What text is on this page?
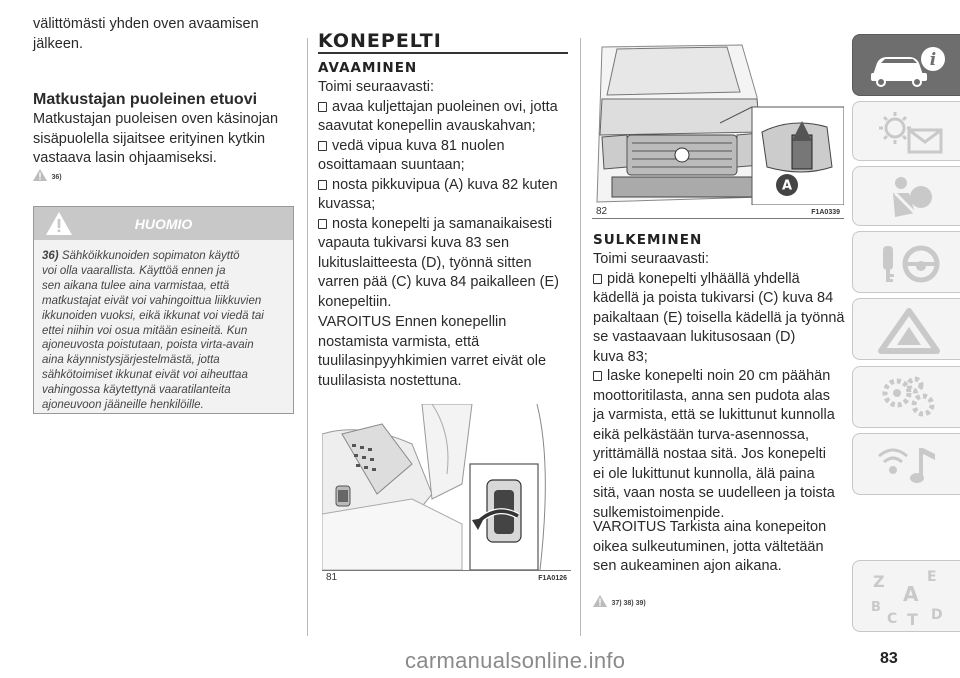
välittömästi yhden oven avaamisen

jälkeen.

Matkustajan puoleinen etuovi

Matkustajan puoleisen oven käsinojan

sisäpuolella sijaitsee erityinen kytkin

vastaava lasin ohjaamiseksi.

36)
HUOMIO
36) Sähköikkunoiden sopimaton käyttö
voi olla vaarallista. Käyttöä ennen ja
sen aikana tulee aina varmistaa, että
matkustajat eivät voi vahingoittua liikkuvien
ikkunoiden vuoksi, eikä ikkunat voi viedä tai
ettei niihin voi osua mitään esineitä. Kun
ajoneuvosta poistutaan, poista virta-avain
aina käynnistysjärjestelmästä, jotta
sähkötoimiset ikkunat eivät voi aiheuttaa
vahingossa käytettynä vaaratilanteita
ajoneuvoon jääneille henkilöille.
KONEPELTI
AVAAMINEN

Toimi seuraavasti:

avaa kuljettajan puoleinen ovi, jotta

saavutat konepellin avauskahvan;

vedä vipua kuva 81 nuolen

osoittamaan suuntaan;

nosta pikkuvipua (A) kuva 82 kuten

kuvassa;

nosta konepelti ja samanaikaisesti

vapauta tukivarsi kuva 83 sen

lukituslaitteesta (D), työnnä sitten

varren pää (C) kuva 84 paikalleen (E)

konepeltiin.

VAROITUS Ennen konepellin

nostamista varmista, että

tuulilasinpyyhkimien varret eivät ole

tuulilasista nostettuna.

81	F1A0126
A
82	F1A0339
SULKEMINEN

Toimi seuraavasti:

pidä konepelti ylhäällä yhdellä

kädellä ja poista tukivarsi (C) kuva 84

paikaltaan (E) toisella kädellä ja työnnä

se vastaavaan lukitusosaan (D)

kuva 83;

laske konepelti noin 20 cm päähän

moottoritilasta, anna sen pudota alas

ja varmista, että se lukittunut kunnolla

eikä pelkästään turva-asennossa,

yrittämällä nostaa sitä. Jos konepelti

ei ole lukittunut kunnolla, älä paina

sitä, vaan nosta se uudelleen ja toista

sulkemistoimenpide.

VAROITUS Tarkista aina konepeiton

oikea sulkeutuminen, jotta vältetään

sen aukeaminen ajon aikana.

37) 38) 39)
i
Z	E
A
B
C T D
carmanualsonline.info	83
